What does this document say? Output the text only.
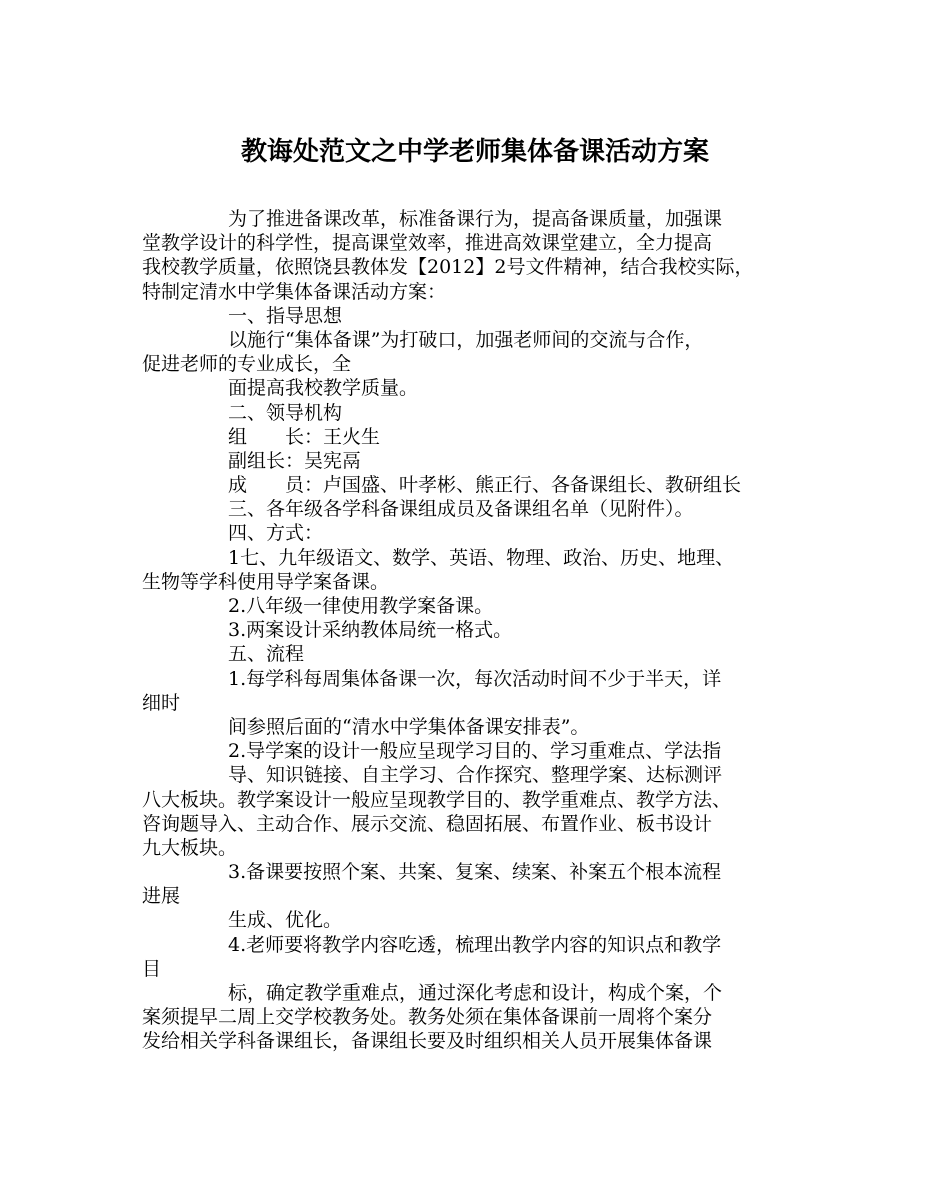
教诲处范文之中学老师集体备课活动方案
为了推进备课改革，标准备课行为，提高备课质量，加强课
堂教学设计的科学性，提高课堂效率，推进高效课堂建立，全力提高
我校教学质量，依照饶县教体发【2012】2号文件精神，结合我校实际，
特制定清水中学集体备课活动方案：
一、指导思想
以施行“集体备课”为打破口，加强老师间的交流与合作，
促进老师的专业成长，全
面提高我校教学质量。
二、领导机构
组　　长：王火生
副组长：吴宪鬲
成　　员：卢国盛、叶孝彬、熊正行、各备课组长、教研组长
三、各年级各学科备课组成员及备课组名单（见附件）。
四、方式：
1七、九年级语文、数学、英语、物理、政治、历史、地理、
生物等学科使用导学案备课。
2.八年级一律使用教学案备课。
3.两案设计采纳教体局统一格式。
五、流程
1.每学科每周集体备课一次，每次活动时间不少于半天，详
细时
间参照后面的“清水中学集体备课安排表”。
2.导学案的设计一般应呈现学习目的、学习重难点、学法指
导、知识链接、自主学习、合作探究、整理学案、达标测评
八大板块。教学案设计一般应呈现教学目的、教学重难点、教学方法、
咨询题导入、主动合作、展示交流、稳固拓展、布置作业、板书设计
九大板块。
3.备课要按照个案、共案、复案、续案、补案五个根本流程
进展
生成、优化。
4.老师要将教学内容吃透，梳理出教学内容的知识点和教学
目
标，确定教学重难点，通过深化考虑和设计，构成个案，个
案须提早二周上交学校教务处。教务处须在集体备课前一周将个案分
发给相关学科备课组长，备课组长要及时组织相关人员开展集体备课
